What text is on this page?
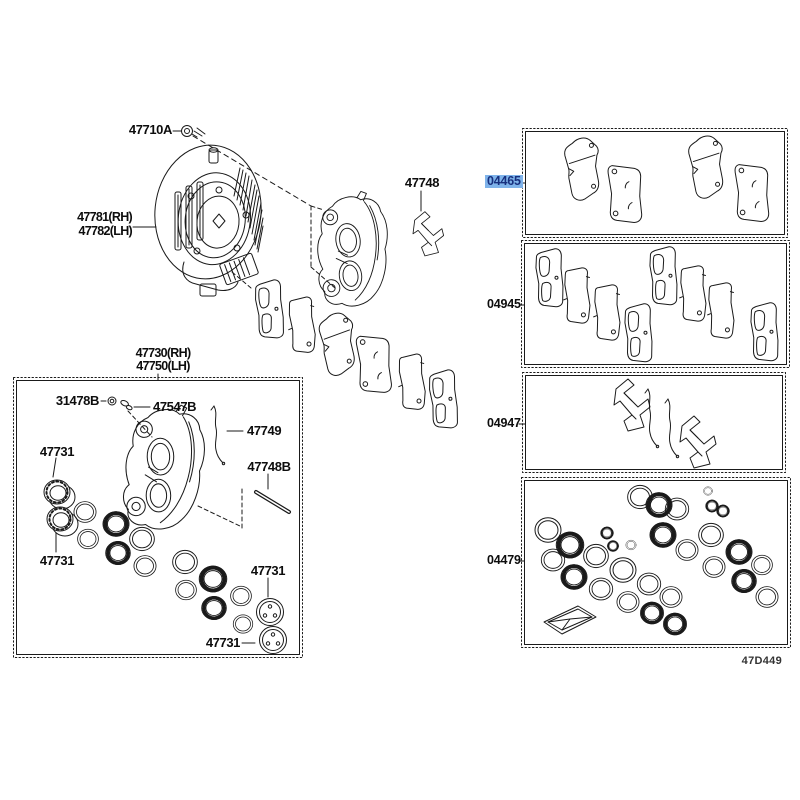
47710A
47781(RH)
47782(LH)
47748
47730(RH)
47750(LH)
31478B	47547B
47731
47731
47749
47748B
47731
47731
04465
04945
04947
04479
47D449
